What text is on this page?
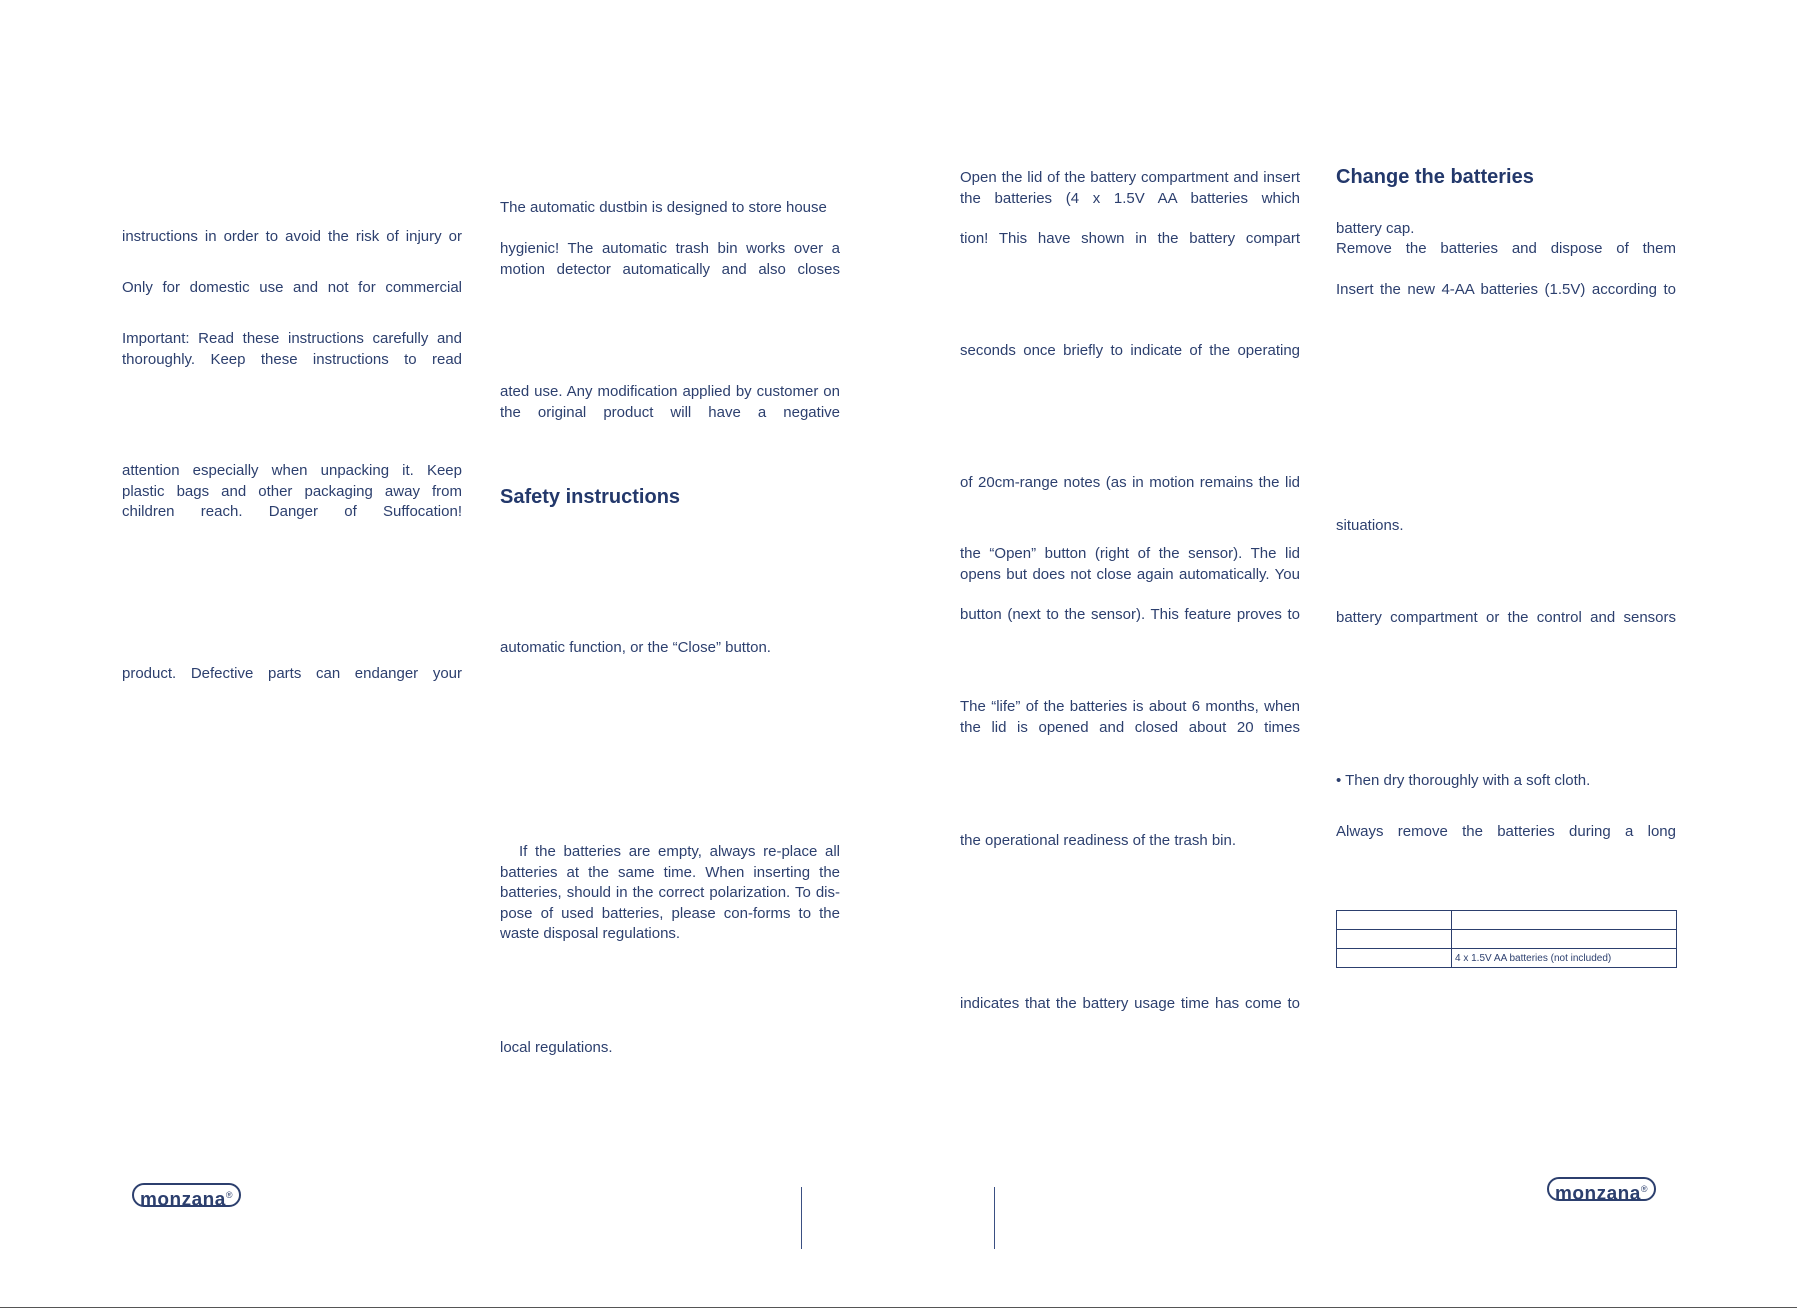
instructions in order to avoid the risk of injury or

Only for domestic use and not for commercial

Important: Read these instructions carefully and thoroughly. Keep these instructions to read

attention especially when unpacking it. Keep plastic bags and other packaging away from children reach. Danger of Suffocation!

product. Defective parts can endanger your

The automatic dustbin is designed to store house

hygienic! The automatic trash bin works over a motion detector automatically and also closes

ated use. Any modification applied by customer on the original product will have a negative

Safety instructions

automatic function, or the “Close” button.

If the batteries are empty, always re-place all batteries at the same time. When inserting the batteries, should in the correct polarization. To dis-pose of used batteries, please con-forms to the waste disposal regulations.

local regulations.

Open the lid of the battery compartment and insert the batteries (4 x 1.5V AA batteries which

tion! This have shown in the battery compart

seconds once briefly to indicate of the operating

of 20cm-range notes (as in motion remains the lid

the “Open” button (right of the sensor). The lid opens but does not close again automatically. You

button (next to the sensor). This feature proves to

The “life” of the batteries is about 6 months, when the lid is opened and closed about 20 times

the operational readiness of the trash bin.

indicates that the battery usage time has come to

Change the batteries

battery cap.

Remove the batteries and dispose of them

Insert the new 4-AA batteries (1.5V) according to

situations.

battery compartment or the control and sensors

• Then dry thoroughly with a soft cloth.

Always remove the batteries during a long

	4 x 1.5V AA batteries (not included)
monzana®	monzana®
